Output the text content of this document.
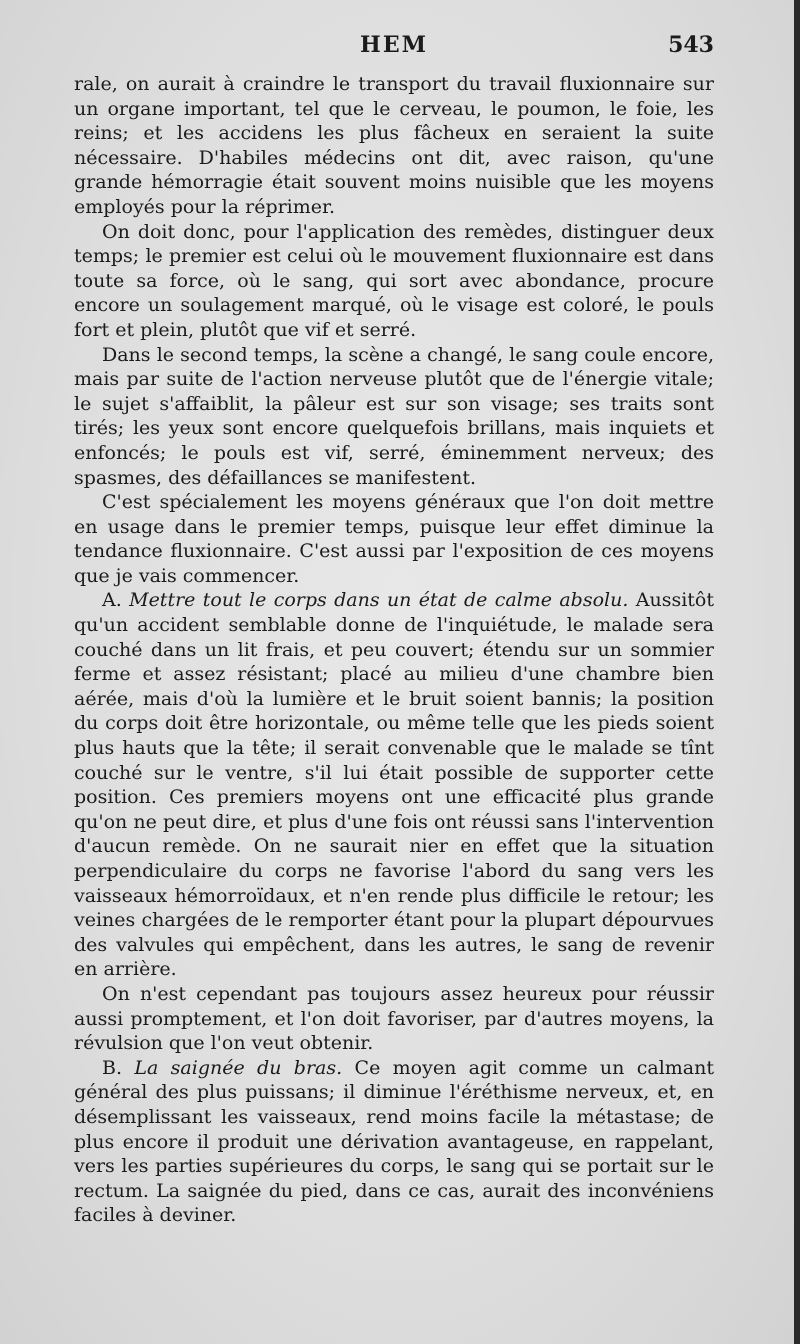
HEM	543

rale, on aurait à craindre le transport du travail fluxionnaire sur un organe important, tel que le cerveau, le poumon, le foie, les reins; et les accidens les plus fâcheux en seraient la suite nécessaire. D'habiles médecins ont dit, avec raison, qu'une grande hémorragie était souvent moins nuisible que les moyens employés pour la réprimer.

On doit donc, pour l'application des remèdes, distinguer deux temps; le premier est celui où le mouvement fluxionnaire est dans toute sa force, où le sang, qui sort avec abondance, procure encore un soulagement marqué, où le visage est coloré, le pouls fort et plein, plutôt que vif et serré.

Dans le second temps, la scène a changé, le sang coule encore, mais par suite de l'action nerveuse plutôt que de l'énergie vitale; le sujet s'affaiblit, la pâleur est sur son visage; ses traits sont tirés; les yeux sont encore quelquefois brillans, mais inquiets et enfoncés; le pouls est vif, serré, éminemment nerveux; des spasmes, des défaillances se manifestent.

C'est spécialement les moyens généraux que l'on doit mettre en usage dans le premier temps, puisque leur effet diminue la tendance fluxionnaire. C'est aussi par l'exposition de ces moyens que je vais commencer.

A. Mettre tout le corps dans un état de calme absolu. Aussitôt qu'un accident semblable donne de l'inquiétude, le malade sera couché dans un lit frais, et peu couvert; étendu sur un sommier ferme et assez résistant; placé au milieu d'une chambre bien aérée, mais d'où la lumière et le bruit soient bannis; la position du corps doit être horizontale, ou même telle que les pieds soient plus hauts que la tête; il serait convenable que le malade se tînt couché sur le ventre, s'il lui était possible de supporter cette position. Ces premiers moyens ont une efficacité plus grande qu'on ne peut dire, et plus d'une fois ont réussi sans l'intervention d'aucun remède. On ne saurait nier en effet que la situation perpendiculaire du corps ne favorise l'abord du sang vers les vaisseaux hémorroïdaux, et n'en rende plus difficile le retour; les veines chargées de le remporter étant pour la plupart dépourvues des valvules qui empêchent, dans les autres, le sang de revenir en arrière.

On n'est cependant pas toujours assez heureux pour réussir aussi promptement, et l'on doit favoriser, par d'autres moyens, la révulsion que l'on veut obtenir.

B. La saignée du bras. Ce moyen agit comme un calmant général des plus puissans; il diminue l'éréthisme nerveux, et, en désemplissant les vaisseaux, rend moins facile la métastase; de plus encore il produit une dérivation avantageuse, en rappelant, vers les parties supérieures du corps, le sang qui se portait sur le rectum. La saignée du pied, dans ce cas, aurait des inconvéniens faciles à deviner.
